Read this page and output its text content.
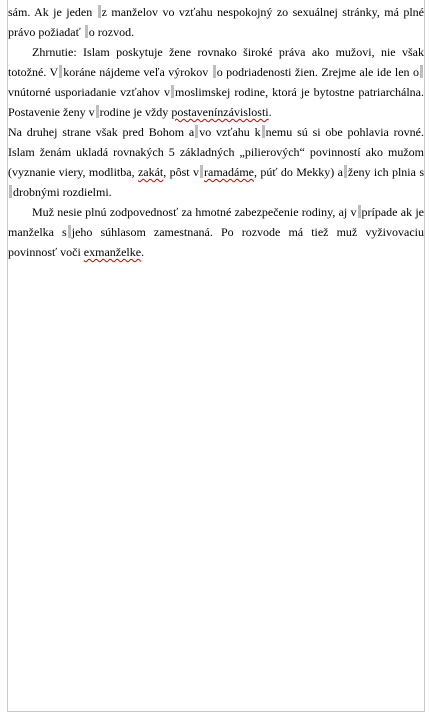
sám. Ak je jeden z manželov vo vzťahu nespokojný zo sexuálnej stránky, má plné právo požiadať o rozvod.

Zhrnutie: Islam poskytuje žene rovnako široké práva ako mužovi, nie však totožné. V koráne nájdeme veľa výrokov o podriadenosti žien. Zrejme ale ide len ovnútorné usporiadanie vzťahov v moslimskej rodine, ktorá je bytostne patriarchálna. Postavenie ženy v rodine je vždy postavenínzávislosti.

Na druhej strane však pred Bohom a vo vzťahu k nemu sú si obe pohlavia rovné. Islam ženám ukladá rovnakých 5 základných „pilierových“ povinností ako mužom (vyznanie viery, modlitba, zakát, pôst v ramadáme, púť do Mekky) a ženy ich plnia sdrobnými rozdielmi.

Muž nesie plnú zodpovednosť za hmotné zabezpečenie rodiny, aj v prípade ak je manželka s jeho súhlasom zamestnaná. Po rozvode má tiež muž vyživovaciu povinnosť voči exmanželke.
